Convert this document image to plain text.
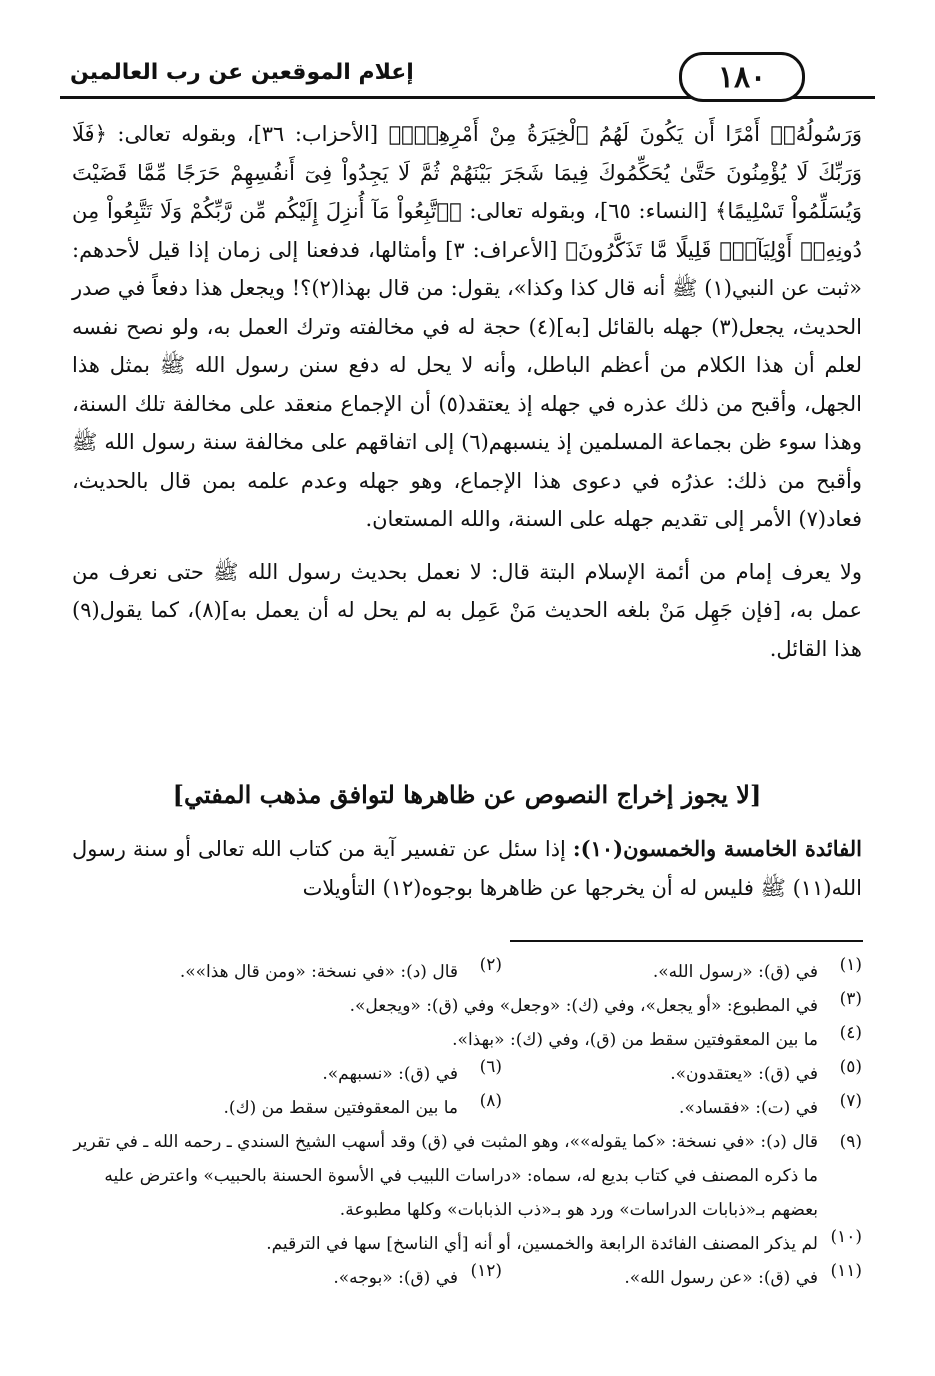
إعلام الموقعين عن رب العالمين	١٨٠

وَرَسُولُهُۥٓ أَمْرًا أَن يَكُونَ لَهُمُ ٱلْخِيَرَةُ مِنْ أَمْرِهِمْۗ﴾ [الأحزاب: ٣٦]، وبقوله تعالى: ﴿فَلَا وَرَبِّكَ لَا يُؤْمِنُونَ حَتَّىٰ يُحَكِّمُوكَ فِيمَا شَجَرَ بَيْنَهُمْ ثُمَّ لَا يَجِدُواْ فِىٓ أَنفُسِهِمْ حَرَجًا مِّمَّا قَضَيْتَ وَيُسَلِّمُواْ تَسْلِيمًا﴾ [النساء: ٦٥]، وبقوله تعالى: ﴿ٱتَّبِعُواْ مَآ أُنزِلَ إِلَيْكُم مِّن رَّبِّكُمْ وَلَا تَتَّبِعُواْ مِن دُونِهِۦٓ أَوْلِيَآءَۗ قَلِيلًا مَّا تَذَكَّرُونَ﴾ [الأعراف: ٣] وأمثالها، فدفعنا إلى زمان إذا قيل لأحدهم: «ثبت عن النبي(١) ﷺ أنه قال كذا وكذا»، يقول: من قال بهذا(٢)؟! ويجعل هذا دفعاً في صدر الحديث، يجعل(٣) جهله بالقائل [به](٤) حجة له في مخالفته وترك العمل به، ولو نصح نفسه لعلم أن هذا الكلام من أعظم الباطل، وأنه لا يحل له دفع سنن رسول الله ﷺ بمثل هذا الجهل، وأقبح من ذلك عذره في جهله إذ يعتقد(٥) أن الإجماع منعقد على مخالفة تلك السنة، وهذا سوء ظن بجماعة المسلمين إذ ينسبهم(٦) إلى اتفاقهم على مخالفة سنة رسول الله ﷺ وأقبح من ذلك: عذرُه في دعوى هذا الإجماع، وهو جهله وعدم علمه بمن قال بالحديث، فعاد(٧) الأمر إلى تقديم جهله على السنة، والله المستعان.

ولا يعرف إمام من أئمة الإسلام البتة قال: لا نعمل بحديث رسول الله ﷺ حتى نعرف من عمل به، [فإن جَهِل مَنْ بلغه الحديث مَنْ عَمِل به لم يحل له أن يعمل به](٨)، كما يقول(٩) هذا القائل.

[لا يجوز إخراج النصوص عن ظاهرها لتوافق مذهب المفتي]

الفائدة الخامسة والخمسون(١٠): إذا سئل عن تفسير آية من كتاب الله تعالى أو سنة رسول الله(١١) ﷺ فليس له أن يخرجها عن ظاهرها بوجوه(١٢) التأويلات

(١)
في (ق): «رسول الله».
(٢)
قال (د): «في نسخة: «ومن قال هذا»».
(٣)
في المطبوع: «أو يجعل»، وفي (ك): «وجعل» وفي (ق): «ويجعل».
(٤)
ما بين المعقوفتين سقط من (ق)، وفي (ك): «بهذا».
(٥)
في (ق): «يعتقدون».
(٦)
في (ق): «نسبهم».
(٧)
في (ت): «فقساد».
(٨)
ما بين المعقوفتين سقط من (ك).
(٩)
قال (د): «في نسخة: «كما يقوله»»، وهو المثبت في (ق) وقد أسهب الشيخ السندي ـ رحمه الله ـ في تقرير ما ذكره المصنف في كتاب بديع له، سماه: «دراسات اللبيب في الأسوة الحسنة بالحبيب» واعترض عليه بعضهم بـ«ذبابات الدراسات» ورد هو بـ«ذب الذبابات» وكلها مطبوعة.
(١٠)
لم يذكر المصنف الفائدة الرابعة والخمسين، أو أنه [أي الناسخ] سها في الترقيم.
(١١)
في (ق): «عن رسول الله».
(١٢)
في (ق): «بوجه».
